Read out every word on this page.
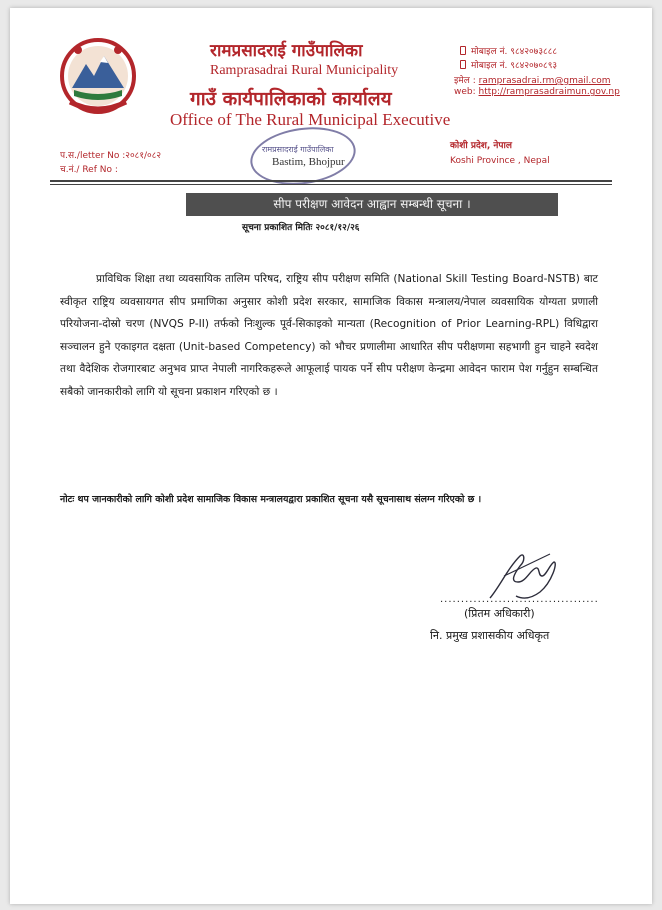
रामप्रसादराई गाउँपालिका
Ramprasadrai Rural Municipality
गाउँ कार्यपालिकाको कार्यालय
Office of The Rural Municipal Executive
मोबाइल नं. ९८४२०७३८८८
मोबाइल नं. ९८४२०७०८९३
इमेल : ramprasadrai.rm@gmail.com
web: http://ramprasadraimun.gov.np
कोशी प्रदेश, नेपाल
Koshi Province , Nepal
प.स./letter No :२०८१/०८२
च.नं./ Ref No :
रामप्रसादराई गाउँपालिका
Bastim, Bhojpur
सीप परीक्षण आवेदन आह्वान सम्बन्धी सूचना ।
सूचना प्रकाशित मितिः २०८१/१२/२६

प्राविधिक शिक्षा तथा व्यवसायिक तालिम परिषद, राष्ट्रिय सीप परीक्षण समिति (National Skill Testing Board-NSTB) बाट स्वीकृत राष्ट्रिय व्यवसायगत सीप प्रमाणिका अनुसार कोशी प्रदेश सरकार, सामाजिक विकास मन्त्रालय/नेपाल व्यवसायिक योग्यता प्रणाली परियोजना-दोस्रो चरण (NVQS P-II) तर्फको निःशुल्क पूर्व-सिकाइको मान्यता (Recognition of Prior Learning-RPL) विधिद्वारा सञ्चालन हुने एकाइगत दक्षता (Unit-based Competency) को भौचर प्रणालीमा आधारित सीप परीक्षणमा सहभागी हुन चाहने स्वदेश तथा वैदेशिक रोजगारबाट अनुभव प्राप्त नेपाली नागरिकहरूले आफूलाई पायक पर्ने सीप परीक्षण केन्द्रमा आवेदन फाराम पेश गर्नुहुन सम्बन्धित सबैको जानकारीको लागि यो सूचना प्रकाशन गरिएको छ ।

नोटः थप जानकारीको लागि कोशी प्रदेश सामाजिक विकास मन्त्रालयद्वारा प्रकाशित सूचना यसै सूचनासाथ संलग्न गरिएको छ ।
......................................
(प्रितम अधिकारी)
नि. प्रमुख प्रशासकीय अधिकृत
